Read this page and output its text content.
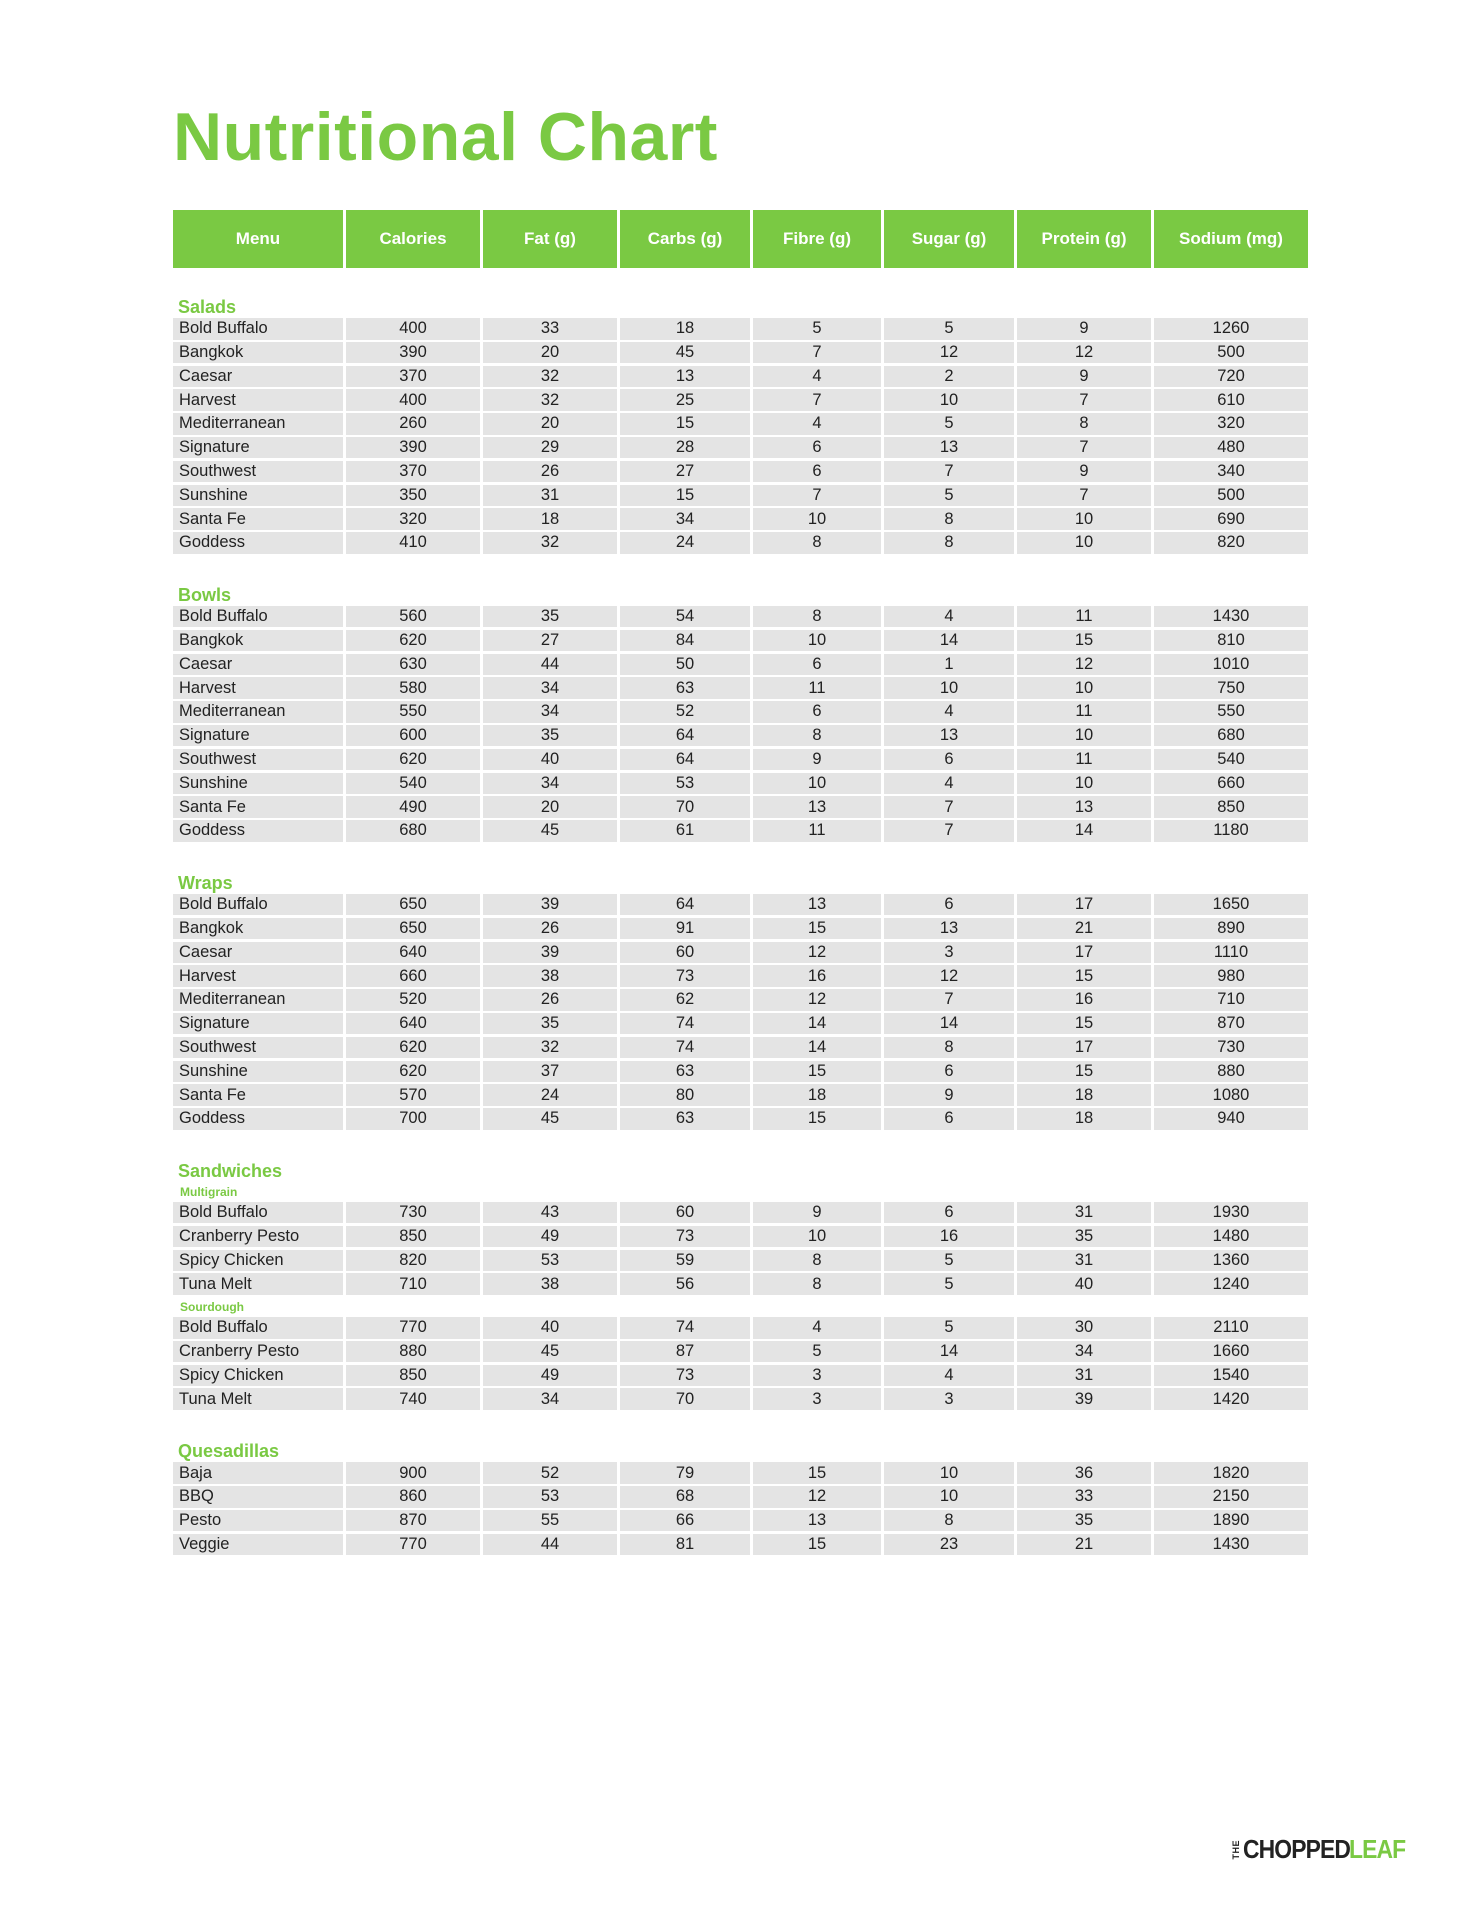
Nutritional Chart
Menu	Calories	Fat (g)	Carbs (g)	Fibre (g)	Sugar (g)	Protein (g)	Sodium (mg)
Salads
Bold Buffalo	400	33	18	5	5	9	1260
Bangkok	390	20	45	7	12	12	500
Caesar	370	32	13	4	2	9	720
Harvest	400	32	25	7	10	7	610
Mediterranean	260	20	15	4	5	8	320
Signature	390	29	28	6	13	7	480
Southwest	370	26	27	6	7	9	340
Sunshine	350	31	15	7	5	7	500
Santa Fe	320	18	34	10	8	10	690
Goddess	410	32	24	8	8	10	820
Bowls
Bold Buffalo	560	35	54	8	4	11	1430
Bangkok	620	27	84	10	14	15	810
Caesar	630	44	50	6	1	12	1010
Harvest	580	34	63	11	10	10	750
Mediterranean	550	34	52	6	4	11	550
Signature	600	35	64	8	13	10	680
Southwest	620	40	64	9	6	11	540
Sunshine	540	34	53	10	4	10	660
Santa Fe	490	20	70	13	7	13	850
Goddess	680	45	61	11	7	14	1180
Wraps
Bold Buffalo	650	39	64	13	6	17	1650
Bangkok	650	26	91	15	13	21	890
Caesar	640	39	60	12	3	17	1110
Harvest	660	38	73	16	12	15	980
Mediterranean	520	26	62	12	7	16	710
Signature	640	35	74	14	14	15	870
Southwest	620	32	74	14	8	17	730
Sunshine	620	37	63	15	6	15	880
Santa Fe	570	24	80	18	9	18	1080
Goddess	700	45	63	15	6	18	940
Sandwiches
Multigrain
Bold Buffalo	730	43	60	9	6	31	1930
Cranberry Pesto	850	49	73	10	16	35	1480
Spicy Chicken	820	53	59	8	5	31	1360
Tuna Melt	710	38	56	8	5	40	1240
Sourdough
Bold Buffalo	770	40	74	4	5	30	2110
Cranberry Pesto	880	45	87	5	14	34	1660
Spicy Chicken	850	49	73	3	4	31	1540
Tuna Melt	740	34	70	3	3	39	1420
Quesadillas
Baja	900	52	79	15	10	36	1820
BBQ	860	53	68	12	10	33	2150
Pesto	870	55	66	13	8	35	1890
Veggie	770	44	81	15	23	21	1430
THE CHOPPED
LEAF
